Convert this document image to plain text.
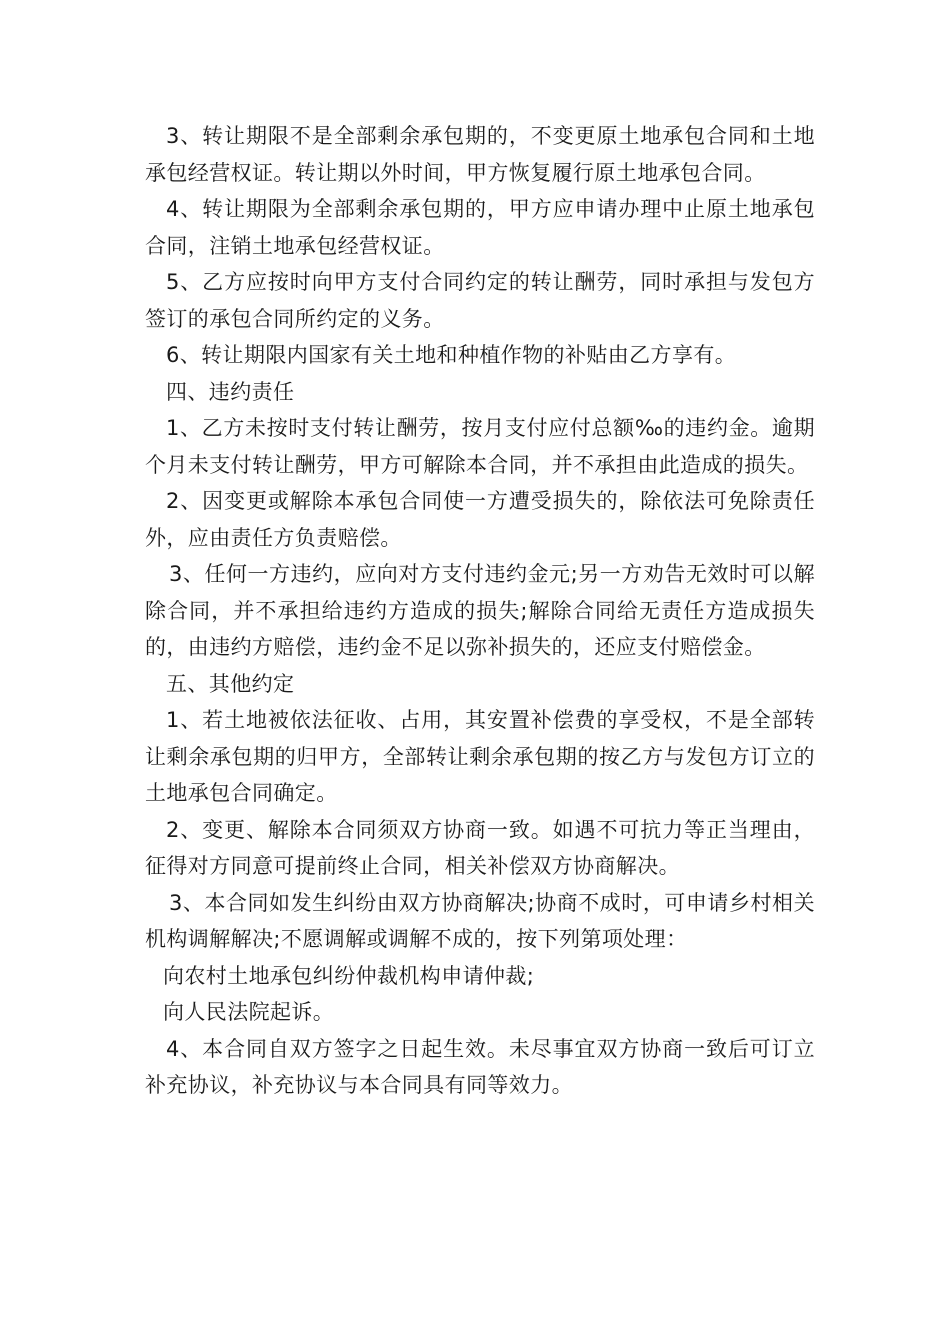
3、转让期限不是全部剩余承包期的，不变更原土地承包合同和土地承包经营权证。转让期以外时间，甲方恢复履行原土地承包合同。

4、转让期限为全部剩余承包期的，甲方应申请办理中止原土地承包合同，注销土地承包经营权证。

5、乙方应按时向甲方支付合同约定的转让酬劳，同时承担与发包方签订的承包合同所约定的义务。

6、转让期限内国家有关土地和种植作物的补贴由乙方享有。

四、违约责任

1、乙方未按时支付转让酬劳，按月支付应付总额‰的违约金。逾期个月未支付转让酬劳，甲方可解除本合同，并不承担由此造成的损失。

2、因变更或解除本承包合同使一方遭受损失的，除依法可免除责任外，应由责任方负责赔偿。

3、任何一方违约，应向对方支付违约金元;另一方劝告无效时可以解除合同，并不承担给违约方造成的损失;解除合同给无责任方造成损失的，由违约方赔偿，违约金不足以弥补损失的，还应支付赔偿金。

五、其他约定

1、若土地被依法征收、占用，其安置补偿费的享受权，不是全部转让剩余承包期的归甲方，全部转让剩余承包期的按乙方与发包方订立的土地承包合同确定。

2、变更、解除本合同须双方协商一致。如遇不可抗力等正当理由，征得对方同意可提前终止合同，相关补偿双方协商解决。

3、本合同如发生纠纷由双方协商解决;协商不成时，可申请乡村相关机构调解解决;不愿调解或调解不成的，按下列第项处理：

向农村土地承包纠纷仲裁机构申请仲裁;

向人民法院起诉。

4、本合同自双方签字之日起生效。未尽事宜双方协商一致后可订立补充协议，补充协议与本合同具有同等效力。
